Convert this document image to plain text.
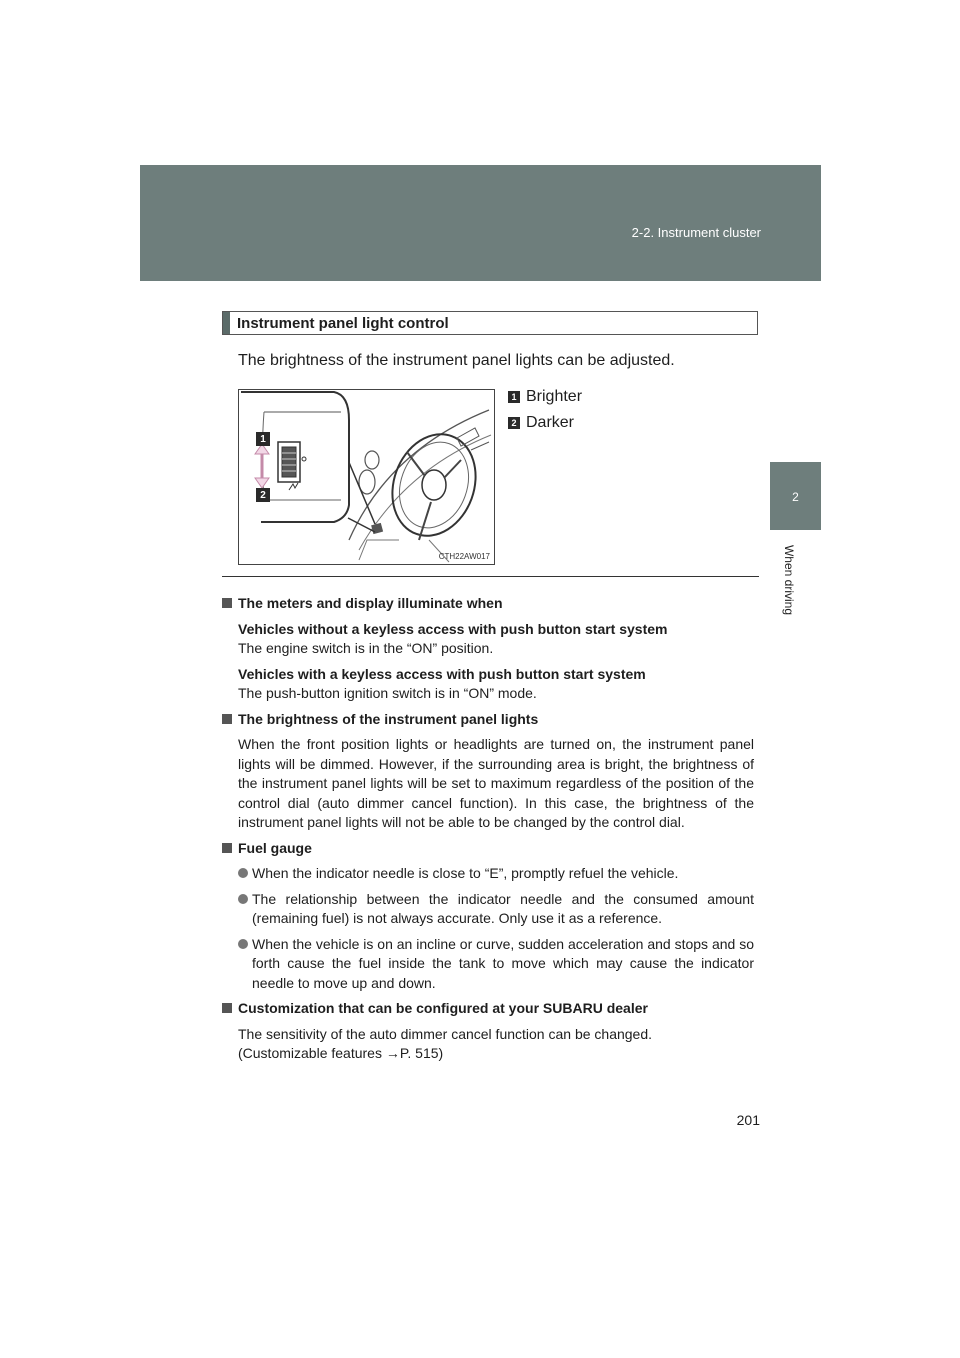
2-2. Instrument cluster
2
When driving
Instrument panel light control
The brightness of the instrument panel lights can be adjusted.
1
2
CTH22AW017
1 Brighter
2 Darker
The meters and display illuminate when
Vehicles without a keyless access with push button start system
The engine switch is in the “ON” position.
Vehicles with a keyless access with push button start system
The push-button ignition switch is in “ON” mode.
The brightness of the instrument panel lights
When the front position lights or headlights are turned on, the instrument panel lights will be dimmed. However, if the surrounding area is bright, the brightness of the instrument panel lights will be set to maximum regardless of the position of the control dial (auto dimmer cancel function). In this case, the brightness of the instrument panel lights will not be able to be changed by the control dial.
Fuel gauge
When the indicator needle is close to “E”, promptly refuel the vehicle.
The relationship between the indicator needle and the consumed amount (remaining fuel) is not always accurate. Only use it as a reference.
When the vehicle is on an incline or curve, sudden acceleration and stops and so forth cause the fuel inside the tank to move which may cause the indicator needle to move up and down.
Customization that can be configured at your SUBARU dealer
The sensitivity of the auto dimmer cancel function can be changed.
(Customizable features →P. 515)
201
